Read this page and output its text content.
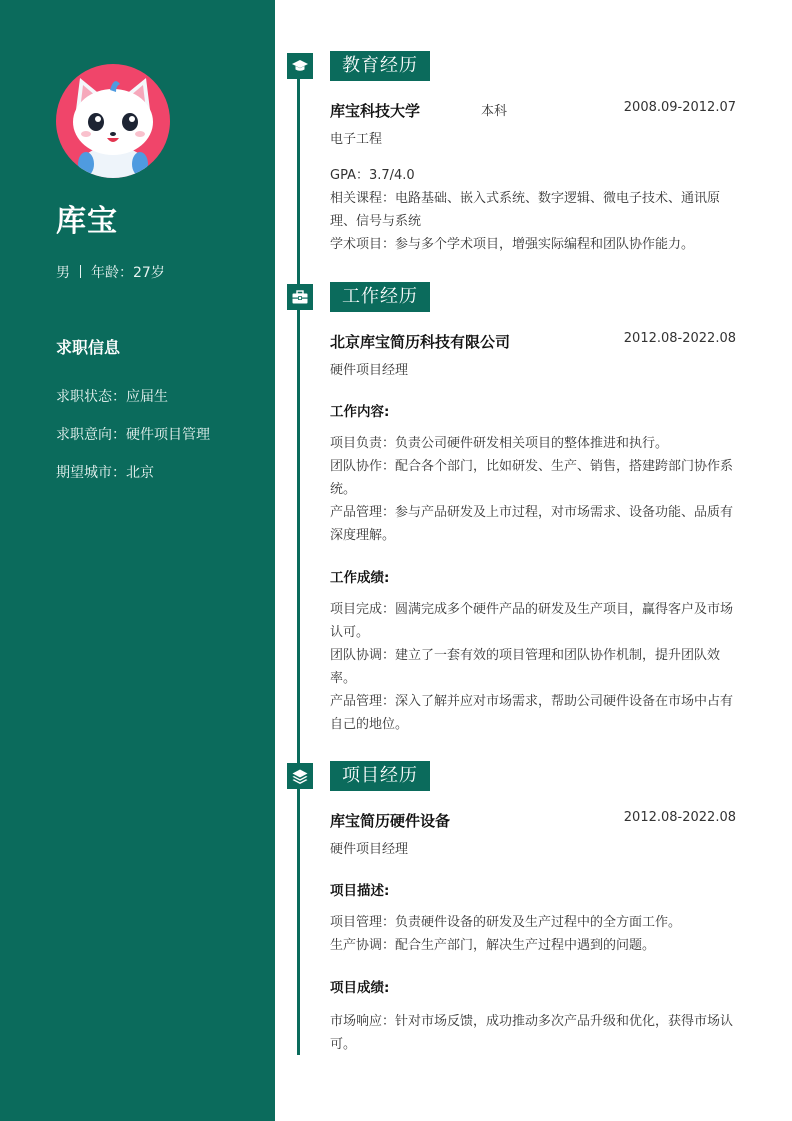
库宝
男 年龄：27岁
求职信息
求职状态：应届生
求职意向：硬件项目管理
期望城市：北京
教育经历
库宝科技大学	本科	2008.09-2012.07
电子工程
GPA：3.7/4.0
相关课程：电路基础、嵌入式系统、数字逻辑、微电子技术、通讯原理、信号与系统
学术项目：参与多个学术项目，增强实际编程和团队协作能力。
工作经历
北京库宝简历科技有限公司	2012.08-2022.08
硬件项目经理
工作内容:
项目负责：负责公司硬件研发相关项目的整体推进和执行。
团队协作：配合各个部门，比如研发、生产、销售，搭建跨部门协作系统。
产品管理：参与产品研发及上市过程，对市场需求、设备功能、品质有深度理解。
工作成绩:
项目完成：圆满完成多个硬件产品的研发及生产项目，赢得客户及市场认可。
团队协调：建立了一套有效的项目管理和团队协作机制，提升团队效率。
产品管理：深入了解并应对市场需求，帮助公司硬件设备在市场中占有自己的地位。
项目经历
库宝简历硬件设备	2012.08-2022.08
硬件项目经理
项目描述:
项目管理：负责硬件设备的研发及生产过程中的全方面工作。
生产协调：配合生产部门，解决生产过程中遇到的问题。
项目成绩:
市场响应：针对市场反馈，成功推动多次产品升级和优化，获得市场认可。
